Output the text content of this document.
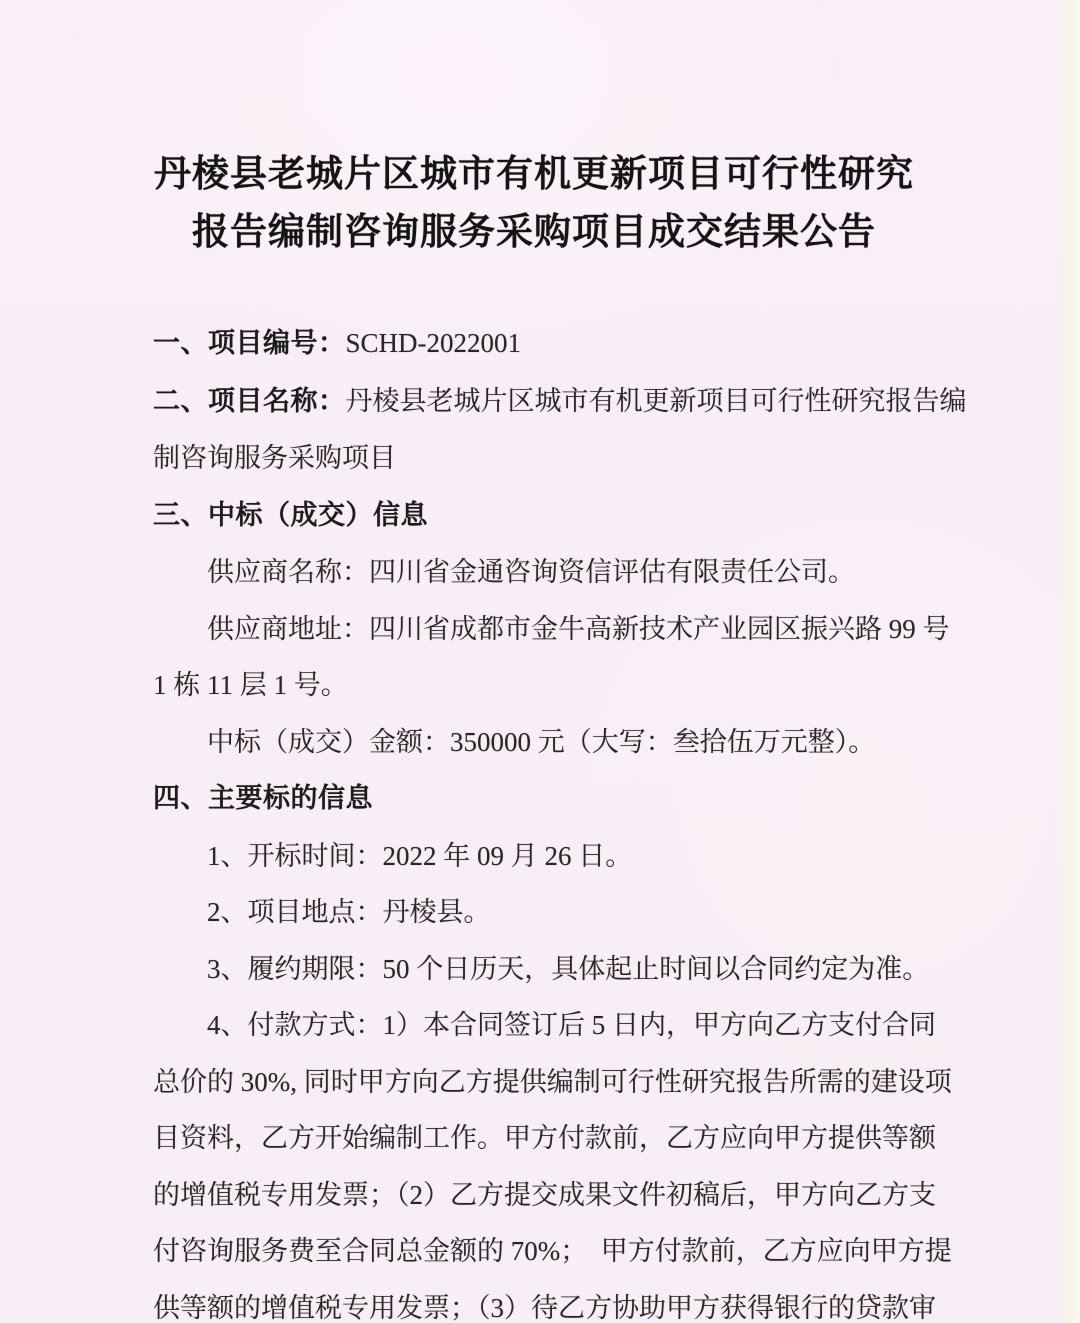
丹棱县老城片区城市有机更新项目可行性研究
报告编制咨询服务采购项目成交结果公告

一、项目编号：SCHD-2022001

二、项目名称：丹棱县老城片区城市有机更新项目可行性研究报告编

制咨询服务采购项目

三、中标（成交）信息

供应商名称：四川省金通咨询资信评估有限责任公司。

供应商地址：四川省成都市金牛高新技术产业园区振兴路 99 号

1 栋 11 层 1 号。

中标（成交）金额：350000 元（大写：叁拾伍万元整）。

四、主要标的信息

1、开标时间：2022 年 09 月 26 日。

2、项目地点：丹棱县。

3、履约期限：50 个日历天，具体起止时间以合同约定为准。

4、付款方式：1）本合同签订后 5 日内，甲方向乙方支付合同

总价的 30%, 同时甲方向乙方提供编制可行性研究报告所需的建设项

目资料，乙方开始编制工作。甲方付款前，乙方应向甲方提供等额

的增值税专用发票；（2）乙方提交成果文件初稿后，甲方向乙方支

付咨询服务费至合同总金额的 70%；  甲方付款前，乙方应向甲方提

供等额的增值税专用发票；（3）待乙方协助甲方获得银行的贷款审
